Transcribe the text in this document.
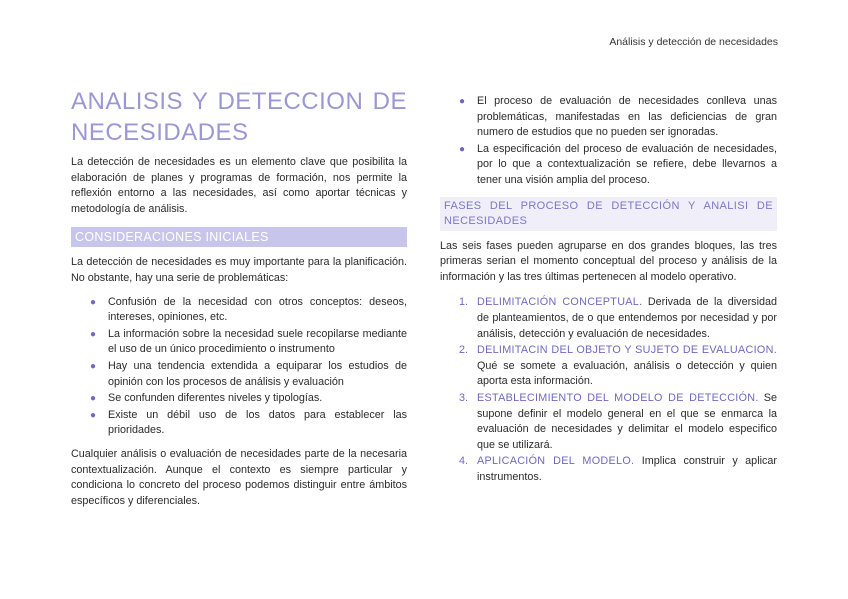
Análisis y detección de necesidades
ANALISIS Y DETECCION DE NECESIDADES

La detección de necesidades es un elemento clave que posibilita la elaboración de planes y programas de formación, nos permite la reflexión entorno a las necesidades, así como aportar técnicas y metodología de análisis.

CONSIDERACIONES INICIALES

La detección de necesidades es muy importante para la planificación. No obstante, hay una serie de problemáticas:

● Confusión de la necesidad con otros conceptos: deseos, intereses, opiniones, etc.
● La información sobre la necesidad suele recopilarse mediante el uso de un único procedimiento o instrumento
● Hay una tendencia extendida a equiparar los estudios de opinión con los procesos de análisis y evaluación
● Se confunden diferentes niveles y tipologías.
● Existe un débil uso de los datos para establecer las prioridades.

Cualquier análisis o evaluación de necesidades parte de la necesaria contextualización. Aunque el contexto es siempre particular y condiciona lo concreto del proceso podemos distinguir entre ámbitos específicos y diferenciales.

● El proceso de evaluación de necesidades conlleva unas problemáticas, manifestadas en las deficiencias de gran numero de estudios que no pueden ser ignoradas.
● La especificación del proceso de evaluación de necesidades, por lo que a contextualización se refiere, debe llevarnos a tener una visión amplia del proceso.
FASES DEL PROCESO DE DETECCIÓN Y ANALISI DE NECESIDADES

Las seis fases pueden agruparse en dos grandes bloques, las tres primeras serian el momento conceptual del proceso y análisis de la información y las tres últimas pertenecen al modelo operativo.

1. DELIMITACIÓN CONCEPTUAL. Derivada de la diversidad de planteamientos, de o que entendemos por necesidad y por análisis, detección y evaluación de necesidades.
2. DELIMITACIN DEL OBJETO Y SUJETO DE EVALUACION. Qué se somete a evaluación, análisis o detección y quien aporta esta información.
3. ESTABLECIMIENTO DEL MODELO DE DETECCIÓN. Se supone definir el modelo general en el que se enmarca la evaluación de necesidades y delimitar el modelo especifico que se utilizará.
4. APLICACIÓN DEL MODELO. Implica construir y aplicar instrumentos.
